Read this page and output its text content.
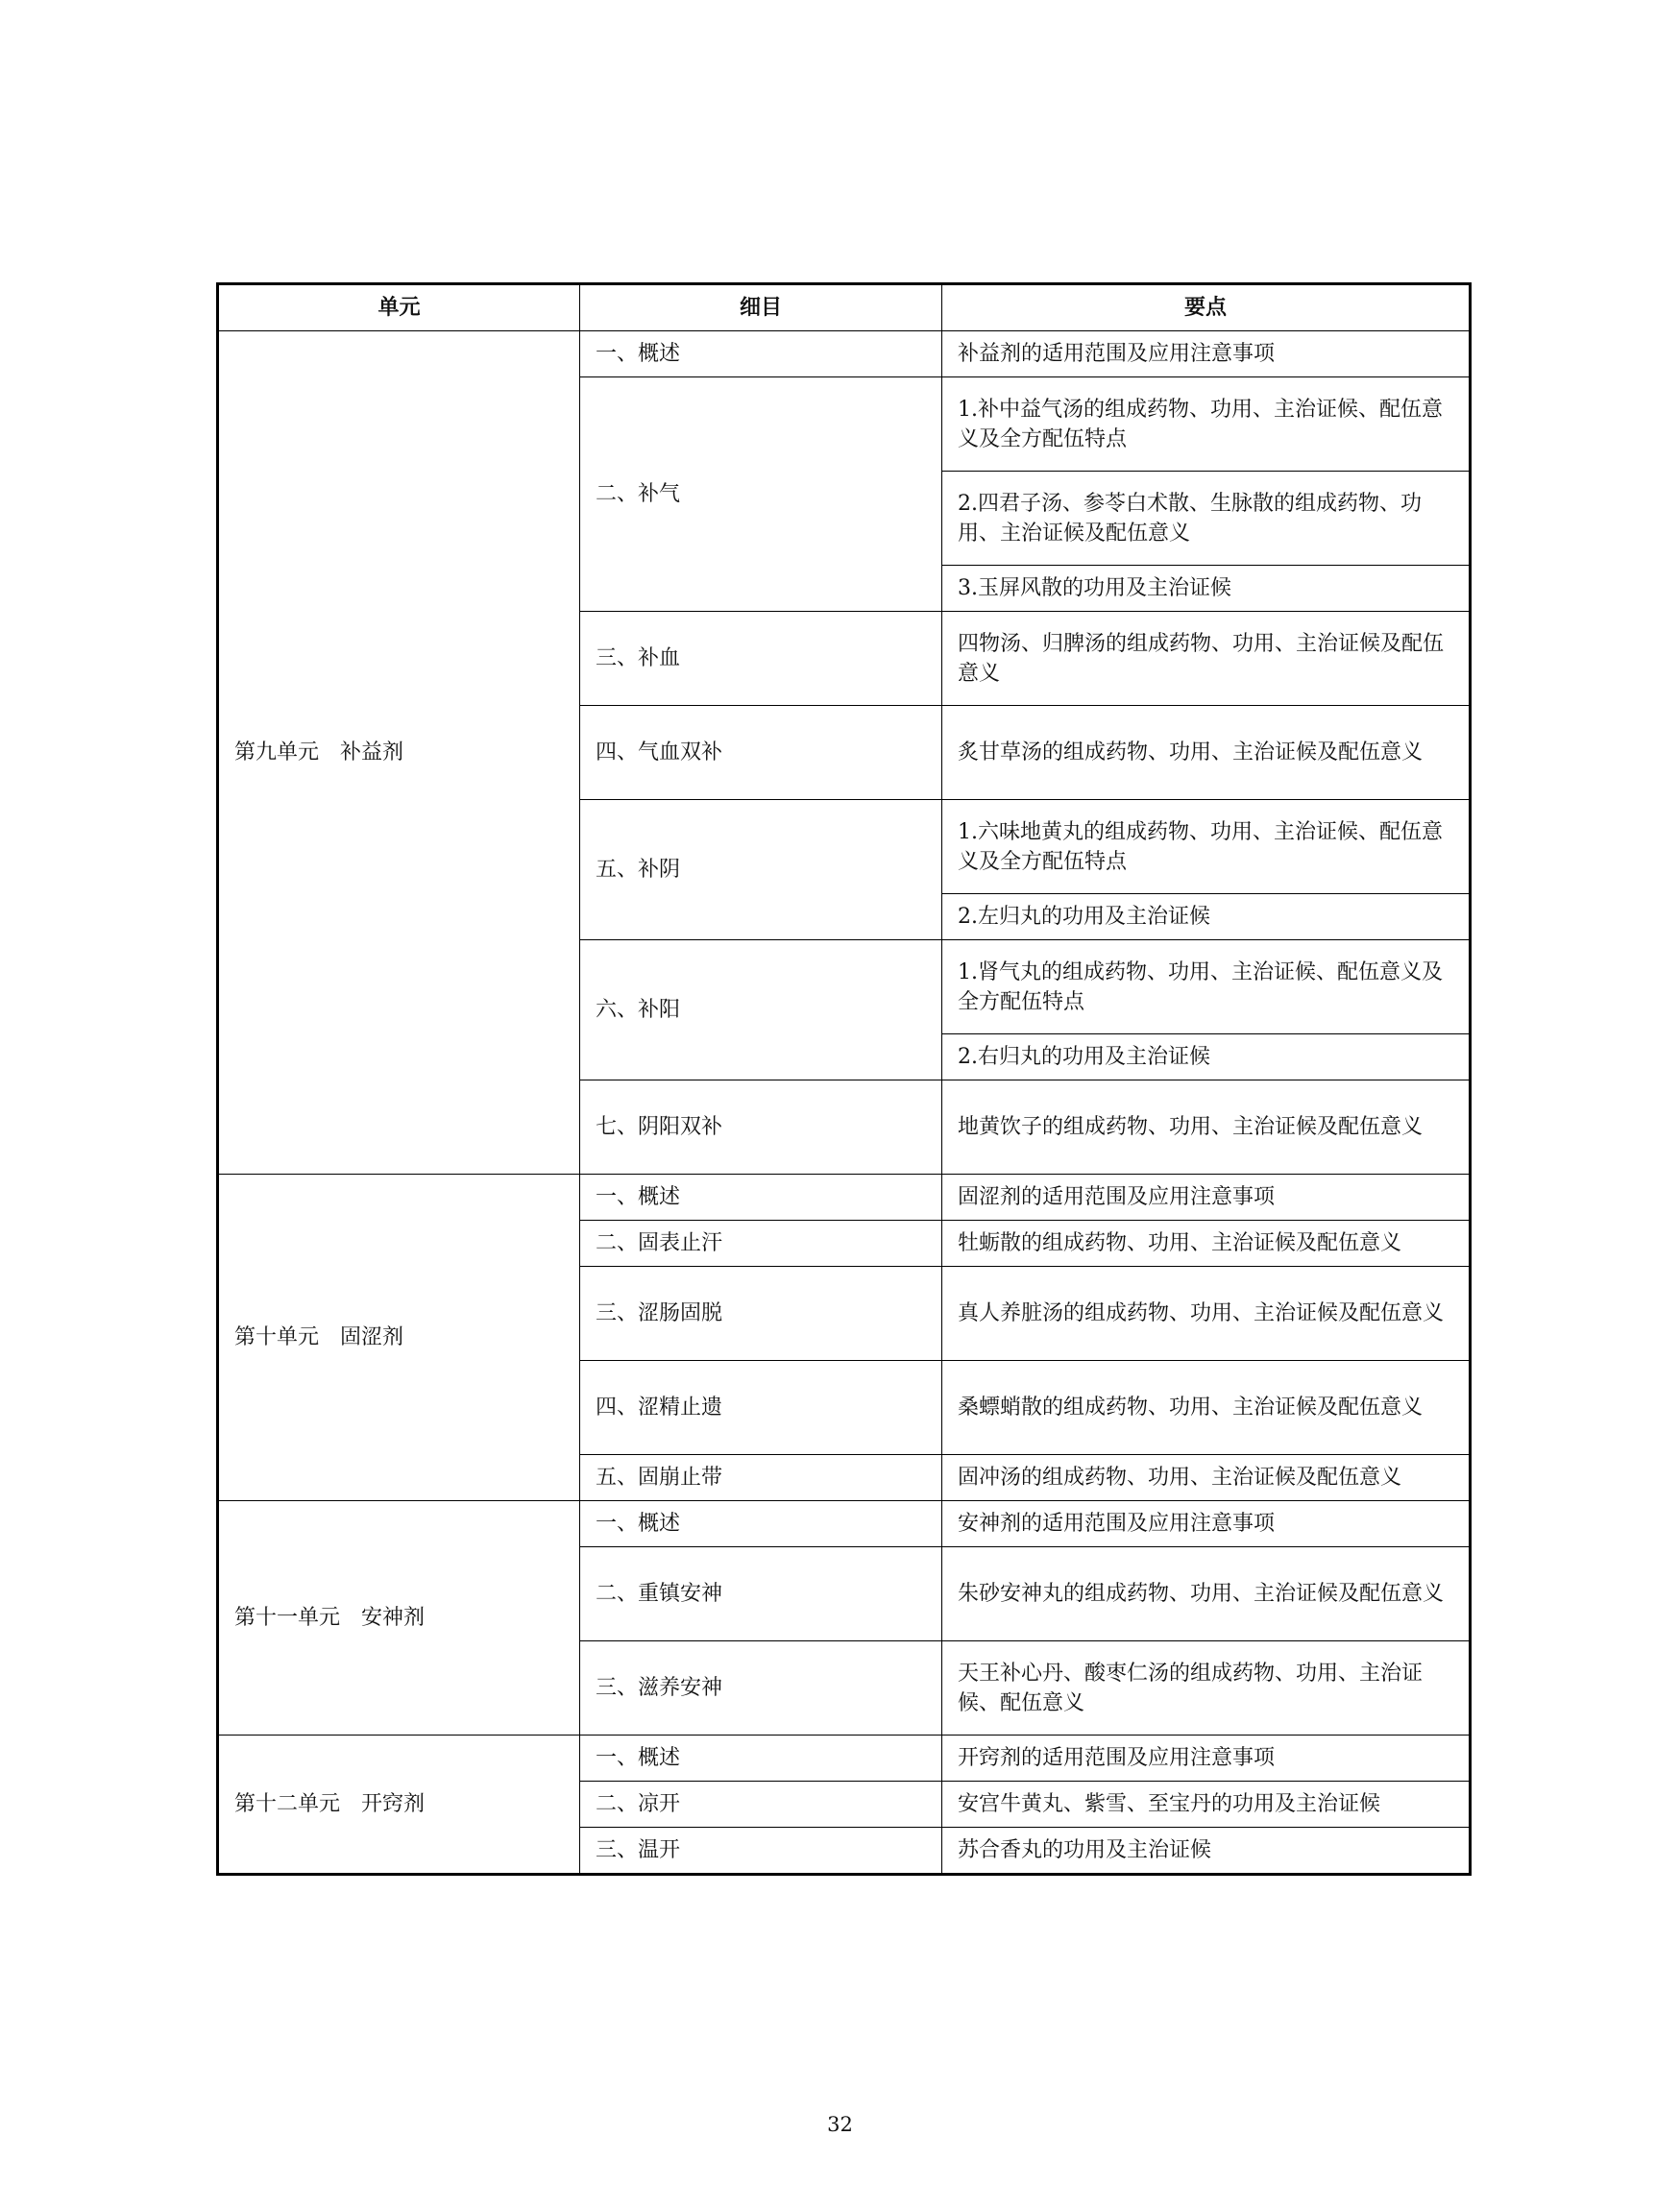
单元	细目	要点
第九单元　补益剂	一、概述	补益剂的适用范围及应用注意事项
	二、补气	1.补中益气汤的组成药物、功用、主治证候、配伍意义及全方配伍特点
		2.四君子汤、参苓白术散、生脉散的组成药物、功用、主治证候及配伍意义
		3.玉屏风散的功用及主治证候
	三、补血	四物汤、归脾汤的组成药物、功用、主治证候及配伍意义
	四、气血双补	炙甘草汤的组成药物、功用、主治证候及配伍意义
	五、补阴	1.六味地黄丸的组成药物、功用、主治证候、配伍意义及全方配伍特点
		2.左归丸的功用及主治证候
	六、补阳	1.肾气丸的组成药物、功用、主治证候、配伍意义及全方配伍特点
		2.右归丸的功用及主治证候
	七、阴阳双补	地黄饮子的组成药物、功用、主治证候及配伍意义
第十单元　固涩剂	一、概述	固涩剂的适用范围及应用注意事项
	二、固表止汗	牡蛎散的组成药物、功用、主治证候及配伍意义
	三、涩肠固脱	真人养脏汤的组成药物、功用、主治证候及配伍意义
	四、涩精止遗	桑螵蛸散的组成药物、功用、主治证候及配伍意义
	五、固崩止带	固冲汤的组成药物、功用、主治证候及配伍意义
第十一单元　安神剂	一、概述	安神剂的适用范围及应用注意事项
	二、重镇安神	朱砂安神丸的组成药物、功用、主治证候及配伍意义
	三、滋养安神	天王补心丹、酸枣仁汤的组成药物、功用、主治证候、配伍意义
第十二单元　开窍剂	一、概述	开窍剂的适用范围及应用注意事项
	二、凉开	安宫牛黄丸、紫雪、至宝丹的功用及主治证候
	三、温开	苏合香丸的功用及主治证候
32
